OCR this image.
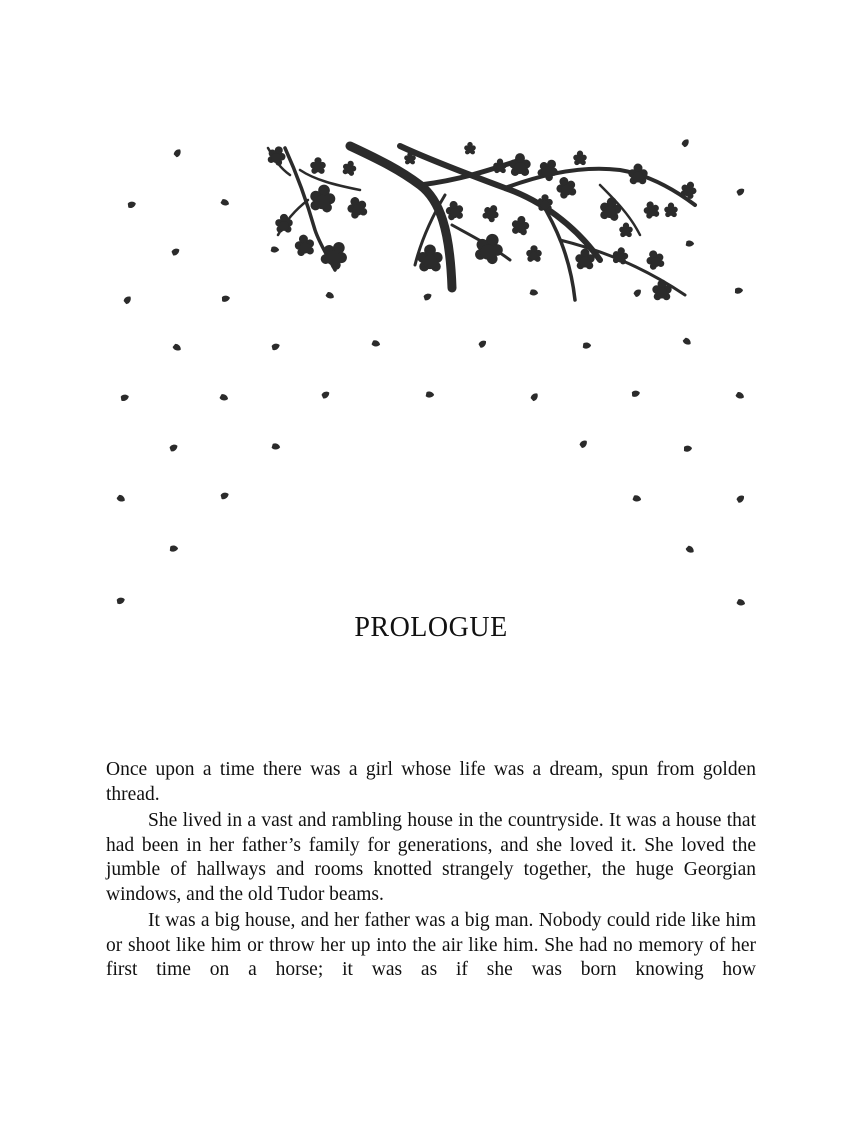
PROLOGUE

Once upon a time there was a girl whose life was a dream, spun from golden thread.

She lived in a vast and rambling house in the countryside. It was a house that had been in her father’s family for generations, and she loved it. She loved the jumble of hallways and rooms knotted strangely together, the huge Georgian windows, and the old Tudor beams.

It was a big house, and her father was a big man. Nobody could ride like him or shoot like him or throw her up into the air like him. She had no memory of her first time on a horse; it was as if she was born knowing how
